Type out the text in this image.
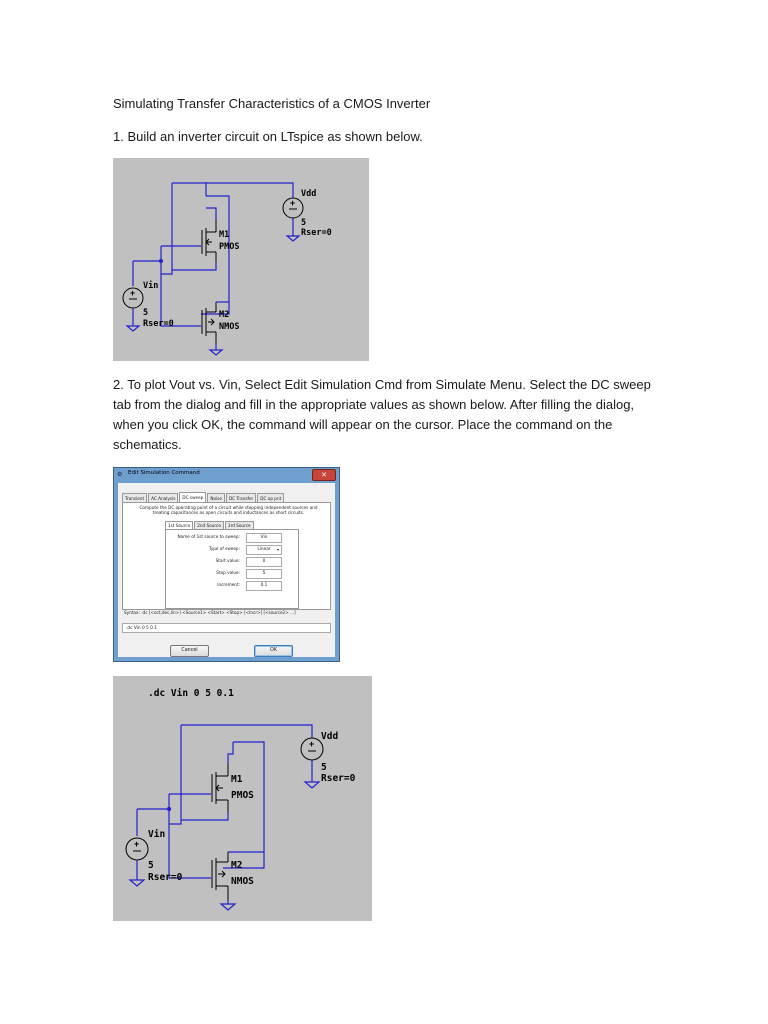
Simulating Transfer Characteristics of a CMOS Inverter

1. Build an inverter circuit on LTspice as shown below.

+
+
Vdd
5
Rser=0
M1
PMOS
Vin
5
Rser=0
M2
NMOS

2. To plot Vout vs. Vin, Select Edit Simulation Cmd from Simulate Menu. Select the DC sweep tab from the dialog and fill in the appropriate values as shown below. After filling the dialog, when you click OK, the command will appear on the cursor. Place the command on the schematics.

⚙	Edit Simulation Command	✕
Transient	AC Analysis	DC sweep	Noise	DC Transfer	DC op pnt
Compute the DC operating point of a circuit while stepping independent sources and treating capacitances as open circuits and inductances as short circuits.
1st Source	2nd Source	3rd Source
Name of 1st source to sweep:	Vin
Type of sweep:	Linear ▾
Start value:	0
Stop value:	5
Increment:	0.1
Syntax: .dc [<oct,dec,lin>] <Source1> <Start> <Stop> [<Incr>] [<source2> ...]
.dc Vin 0 5 0.1
Cancel	OK
.dc Vin 0 5 0.1
+
+
Vdd
5
Rser=0
M1
PMOS
Vin
5
Rser=0
M2
NMOS
